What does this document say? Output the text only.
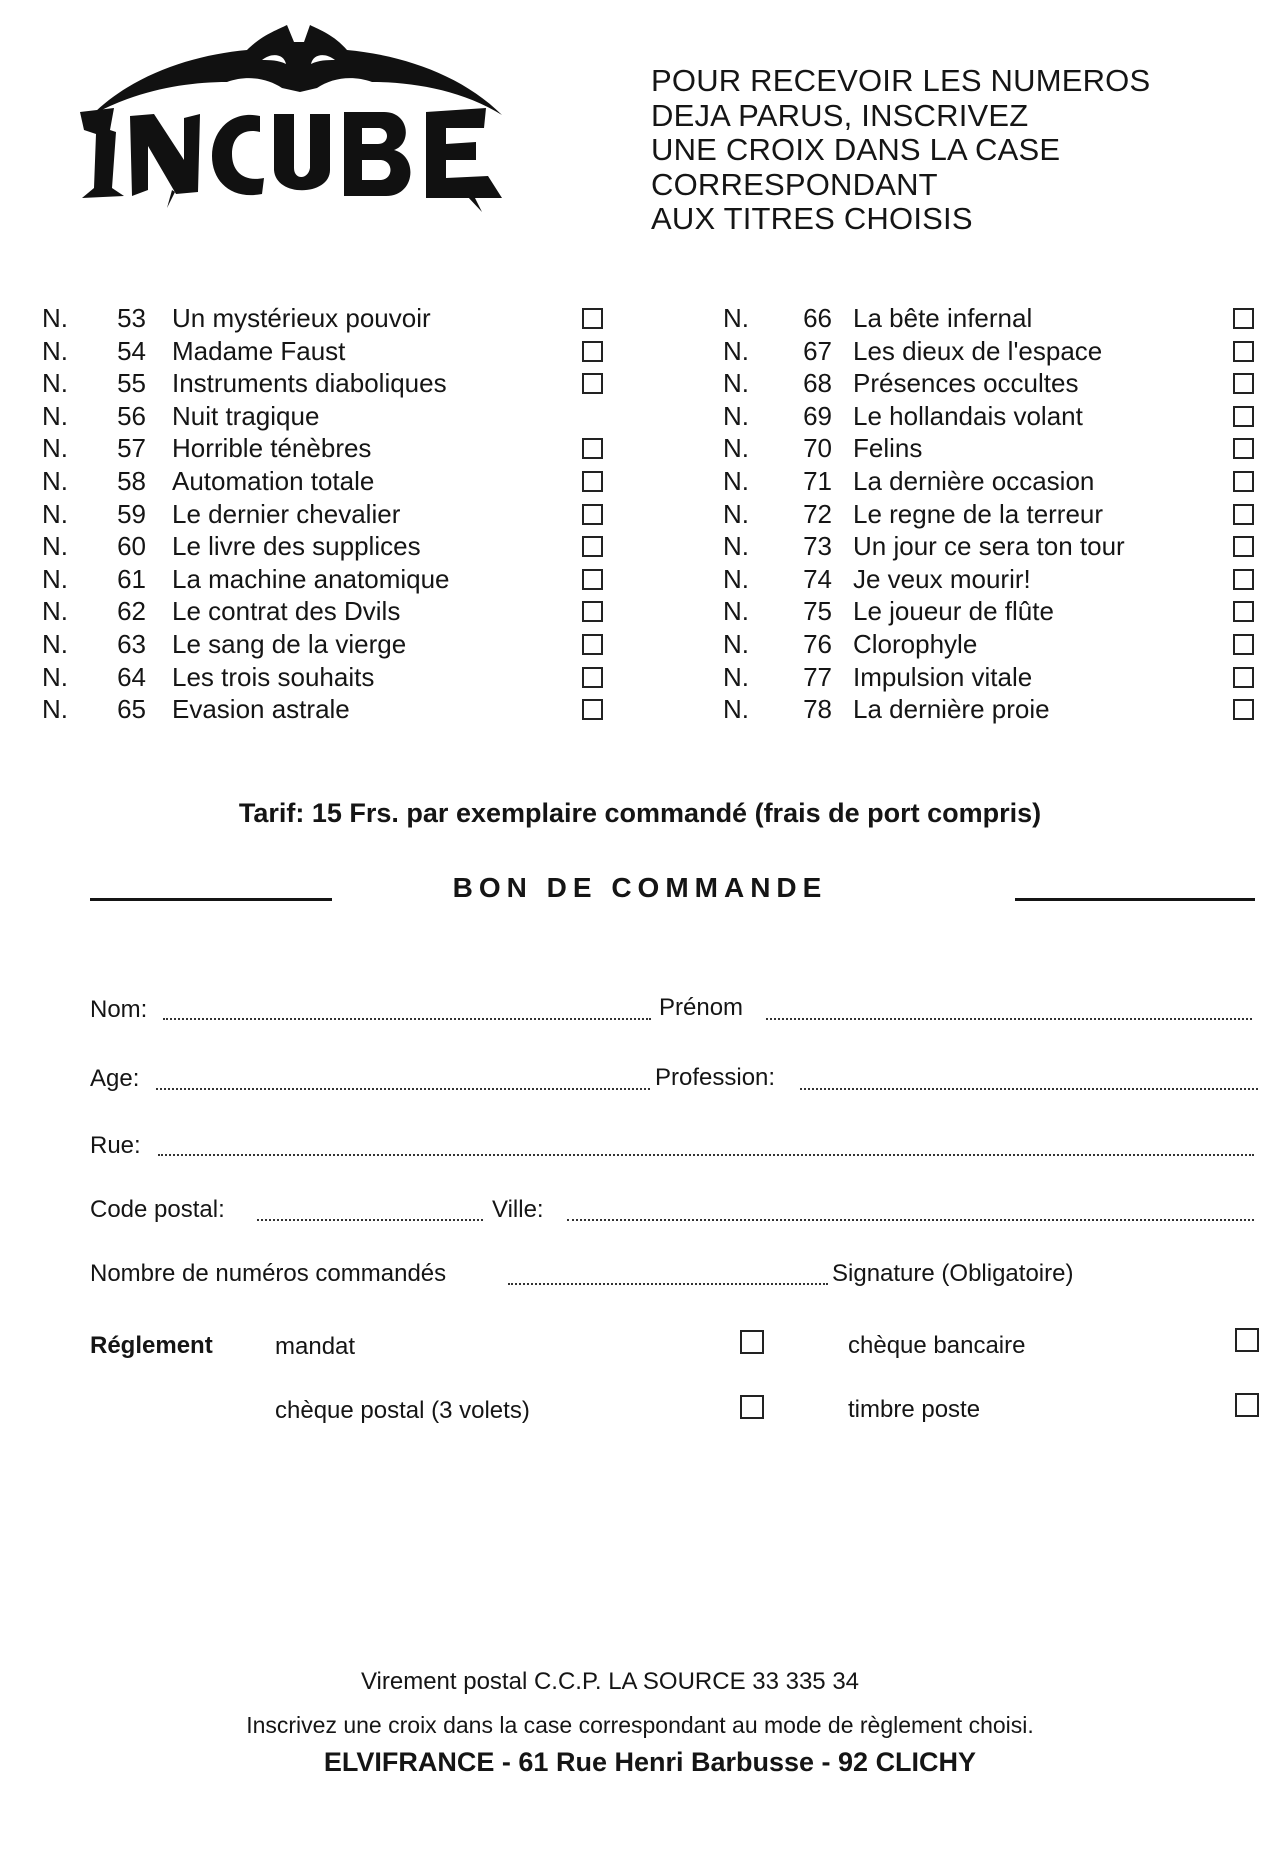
POUR RECEVOIR LES NUMEROS
DEJA PARUS, INSCRIVEZ
UNE CROIX DANS LA CASE
CORRESPONDANT
AUX TITRES CHOISIS
N.	53 Un mystérieux pouvoir
N.	54 Madame Faust
N.	55 Instruments diaboliques
N.	56 Nuit tragique
N.	57 Horrible ténèbres
N.	58 Automation totale
N.	59 Le dernier chevalier
N.	60 Le livre des supplices
N.	61 La machine anatomique
N.	62 Le contrat des Dvils
N.	63 Le sang de la vierge
N.	64 Les trois souhaits
N.	65 Evasion astrale
N.	66 La bête infernal
N.	67 Les dieux de l'espace
N.	68 Présences occultes
N.	69 Le hollandais volant
N.	70 Felins
N.	71 La dernière occasion
N.	72 Le regne de la terreur
N.	73 Un jour ce sera ton tour
N.	74 Je veux mourir!
N.	75 Le joueur de flûte
N.	76 Clorophyle
N.	77 Impulsion vitale
N.	78 La dernière proie
Tarif: 15 Frs. par exemplaire commandé (frais de port compris)
BON DE COMMANDE
Nom:	Prénom
Age:	Profession:
Rue:
Code postal:	Ville:
Nombre de numéros commandés	Signature (Obligatoire)
Réglement	mandat	chèque bancaire
chèque postal (3 volets)	timbre poste
Virement postal C.C.P. LA SOURCE 33 335 34
Inscrivez une croix dans la case correspondant au mode de règlement choisi.
ELVIFRANCE - 61 Rue Henri Barbusse - 92 CLICHY
